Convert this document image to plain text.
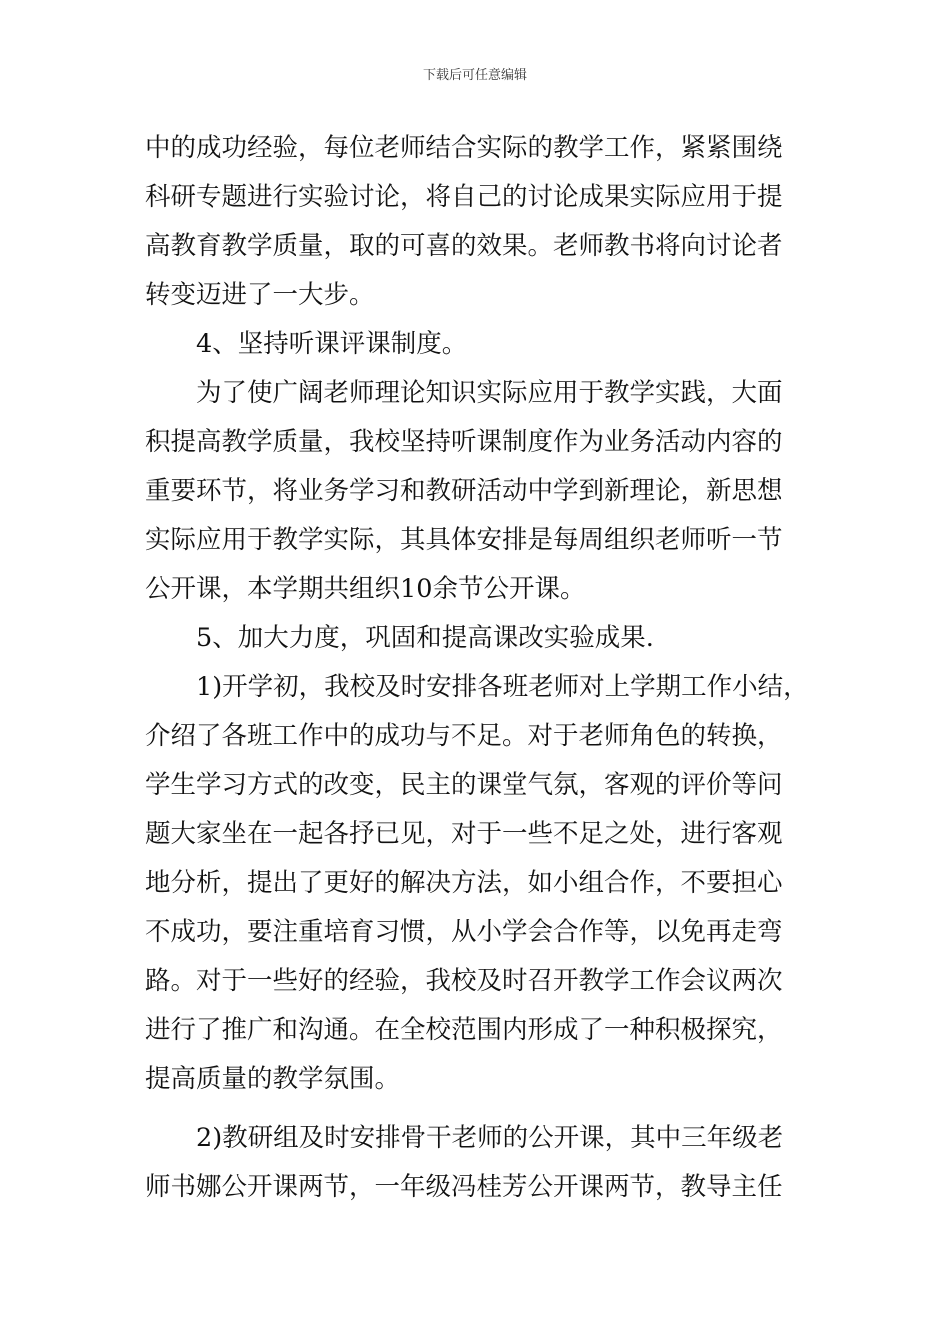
下载后可任意编辑
中的成功经验，每位老师结合实际的教学工作，紧紧围绕
科研专题进行实验讨论，将自己的讨论成果实际应用于提
高教育教学质量，取的可喜的效果。老师教书将向讨论者
转变迈进了一大步。
　　4、坚持听课评课制度。
　　为了使广阔老师理论知识实际应用于教学实践，大面
积提高教学质量，我校坚持听课制度作为业务活动内容的
重要环节，将业务学习和教研活动中学到新理论，新思想
实际应用于教学实际，其具体安排是每周组织老师听一节
公开课，本学期共组织10余节公开课。
　　5、加大力度，巩固和提高课改实验成果.
　　1)开学初，我校及时安排各班老师对上学期工作小结，
介绍了各班工作中的成功与不足。对于老师角色的转换，
学生学习方式的改变，民主的课堂气氛，客观的评价等问
题大家坐在一起各抒已见，对于一些不足之处，进行客观
地分析，提出了更好的解决方法，如小组合作，不要担心
不成功，要注重培育习惯，从小学会合作等，以免再走弯
路。对于一些好的经验，我校及时召开教学工作会议两次
进行了推广和沟通。在全校范围内形成了一种积极探究，
提高质量的教学氛围。
　　2)教研组及时安排骨干老师的公开课，其中三年级老
师书娜公开课两节，一年级冯桂芳公开课两节，教导主任
